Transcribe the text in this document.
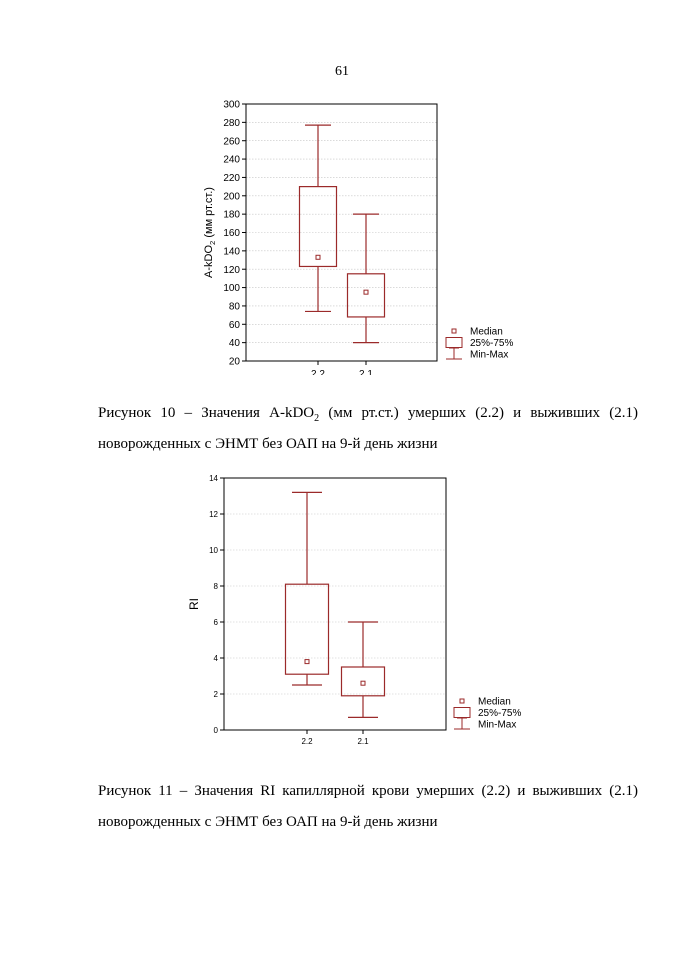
61
20
40
60
80
100
120
140
160
180
200
220
240
260
280
300
2.2	2.1
A-kDO$_2$ (мм рт.ст.)
Median
25%-75%
Min-Max
Рисунок 10 – Значения A-kDO$_2$ (мм рт.ст.) умерших (2.2) и выживших (2.1) новорожденных с ЭНМТ без ОАП на 9-й день жизни
0
2
4
6
8
10
12
14
2.2	2.1
RI
Median
25%-75%
Min-Max
Рисунок 11 – Значения RI капиллярной крови умерших (2.2) и выживших (2.1) новорожденных с ЭНМТ без ОАП на 9-й день жизни
